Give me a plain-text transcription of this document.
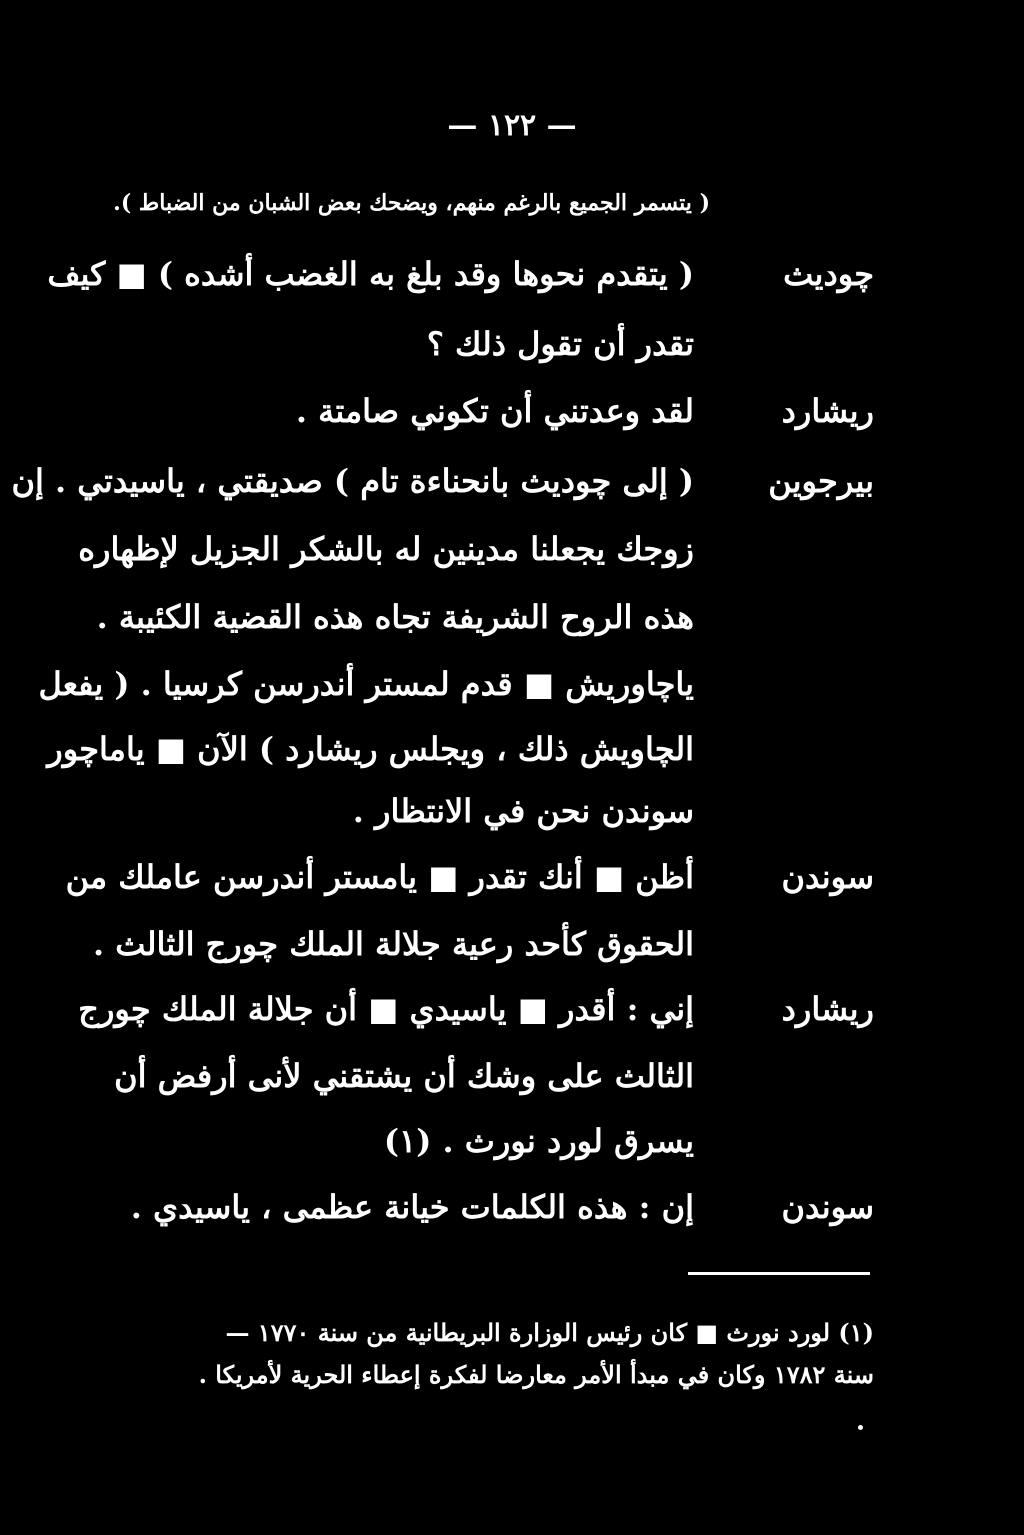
— ١٢٢ —
( يتسمر الجميع بالرغم منهم، ويضحك بعض الشبان من الضباط ).
چوديث
( يتقدم نحوها وقد بلغ به الغضب أشده ) ■ كيف
تقدر أن تقول ذلك ؟
ريشارد
لقد وعدتني أن تكوني صامتة .
بيرجوين
( إلى چوديث بانحناءة تام ) صديقتي ، ياسيدتي . إن
زوجك يجعلنا مدينين له بالشكر الجزيل لإظهاره
هذه الروح الشريفة تجاه هذه القضية الكئيبة .
ياچاوريش ■ قدم لمستر أندرسن كرسيا . ( يفعل
الچاويش ذلك ، ويجلس ريشارد ) الآن ■ ياماچور
سوندن نحن في الانتظار .
سوندن
أظن ■ أنك تقدر ■ يامستر أندرسن عاملك من
الحقوق كأحد رعية جلالة الملك چورج الثالث .
ريشارد
إني : أقدر ■ ياسيدي ■ أن جلالة الملك چورج
الثالث على وشك أن يشتقني لأنى أرفض أن
يسرق لورد نورث . (١)
سوندن
إن : هذه الكلمات خيانة عظمى ، ياسيدي .
(١) لورد نورث ■ كان رئيس الوزارة البريطانية من سنة ١٧٧٠ —
سنة ١٧٨٢ وكان في مبدأ الأمر معارضا لفكرة إعطاء الحرية لأمريكا .
